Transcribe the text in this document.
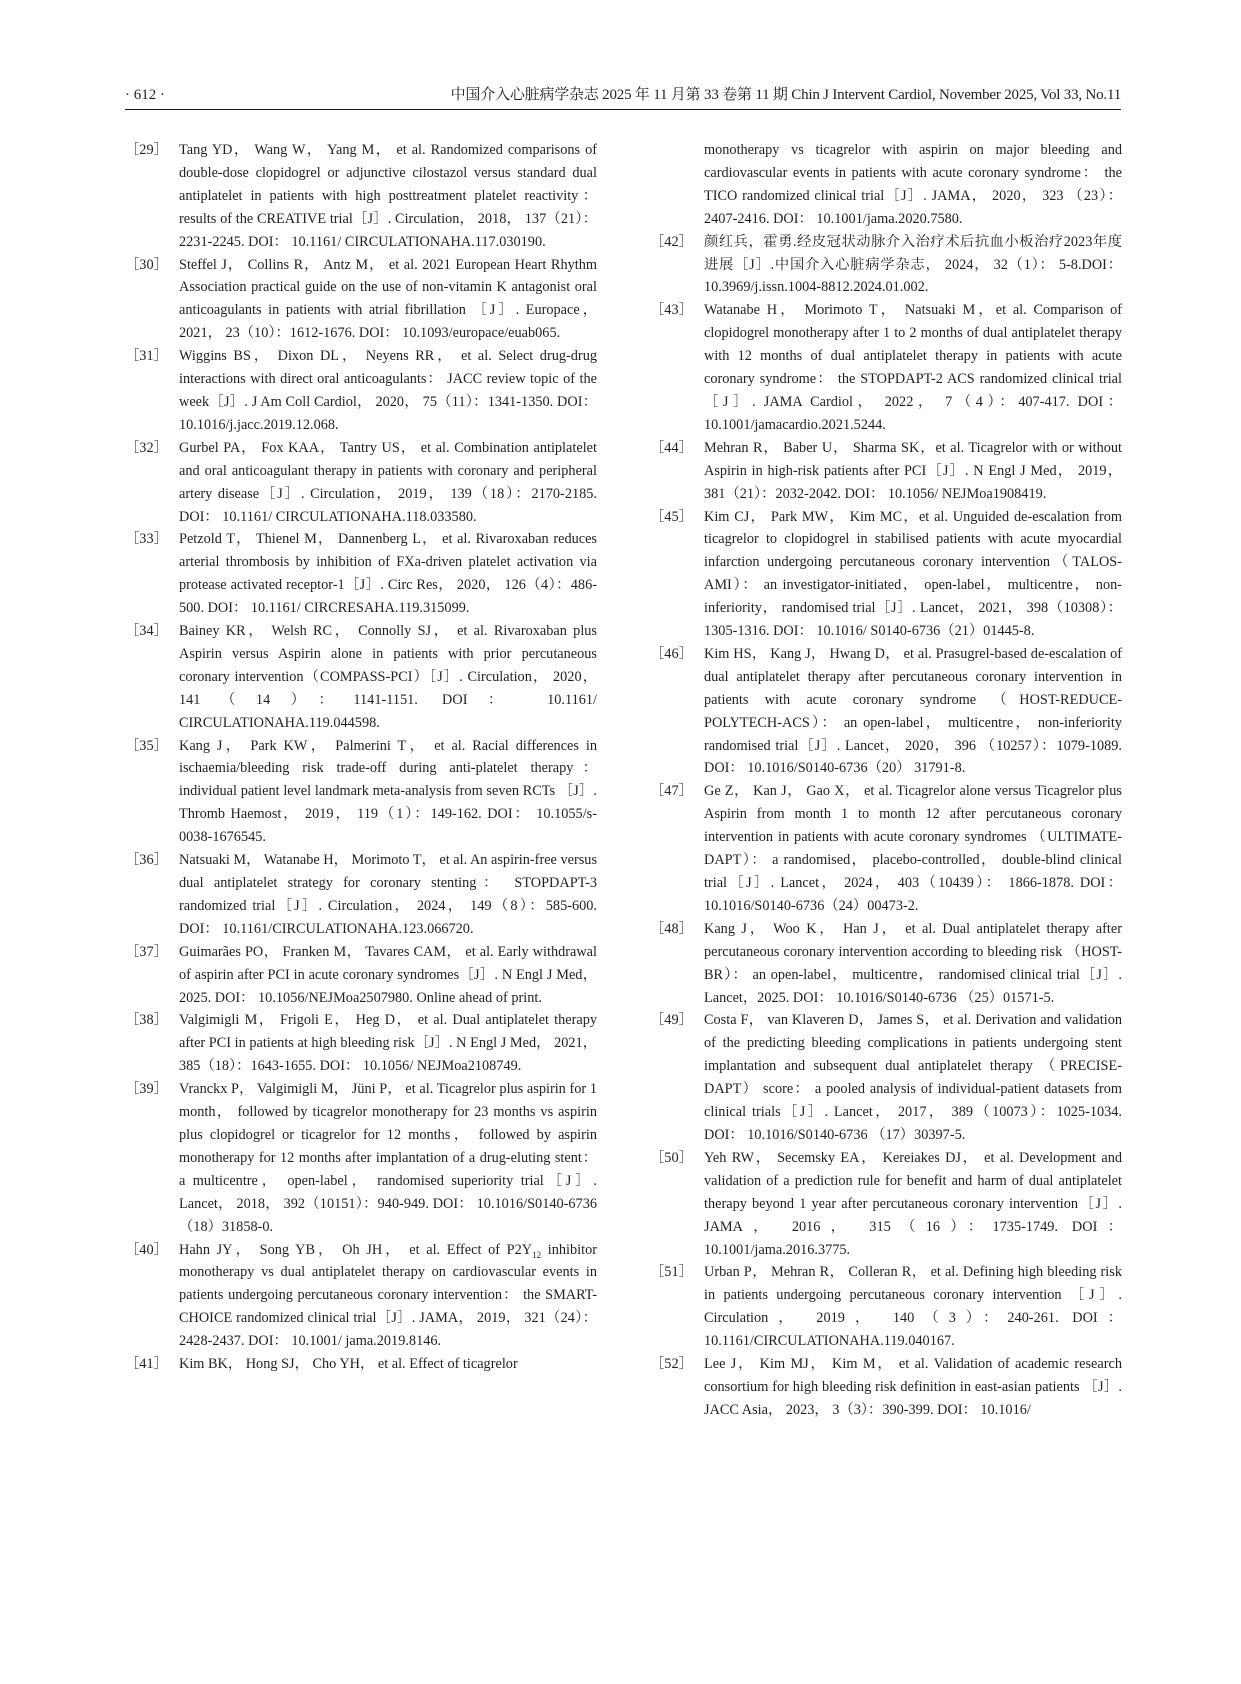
· 612 ·	中国介入心脏病学杂志 2025 年 11 月第 33 卷第 11 期 Chin J Intervent Cardiol, November 2025, Vol 33, No.11
［29］ Tang YD， Wang W， Yang M， et al. Randomized comparisons of double-dose clopidogrel or adjunctive cilostazol versus standard dual antiplatelet in patients with high posttreatment platelet reactivity： results of the CREATIVE trial［J］. Circulation， 2018， 137（21）：2231-2245. DOI： 10.1161/ CIRCULATIONAHA.117.030190.
［30］ Steffel J， Collins R， Antz M， et al. 2021 European Heart Rhythm Association practical guide on the use of non-vitamin K antagonist oral anticoagulants in patients with atrial fibrillation ［J］. Europace， 2021， 23（10）：1612-1676. DOI： 10.1093/europace/euab065.
［31］ Wiggins BS， Dixon DL， Neyens RR， et al. Select drug-drug interactions with direct oral anticoagulants： JACC review topic of the week［J］. J Am Coll Cardiol， 2020， 75（11）：1341-1350. DOI： 10.1016/j.jacc.2019.12.068.
［32］ Gurbel PA， Fox KAA， Tantry US， et al. Combination antiplatelet and oral anticoagulant therapy in patients with coronary and peripheral artery disease［J］. Circulation， 2019， 139（18）：2170-2185. DOI： 10.1161/ CIRCULATIONAHA.118.033580.
［33］ Petzold T， Thienel M， Dannenberg L， et al. Rivaroxaban reduces arterial thrombosis by inhibition of FXa-driven platelet activation via protease activated receptor-1［J］. Circ Res， 2020， 126（4）：486-500. DOI： 10.1161/ CIRCRESAHA.119.315099.
［34］ Bainey KR， Welsh RC， Connolly SJ， et al. Rivaroxaban plus Aspirin versus Aspirin alone in patients with prior percutaneous coronary intervention（COMPASS-PCI）［J］. Circulation， 2020， 141（14）：1141-1151. DOI： 10.1161/ CIRCULATIONAHA.119.044598.
［35］ Kang J， Park KW， Palmerini T， et al. Racial differences in ischaemia/bleeding risk trade-off during anti-platelet therapy： individual patient level landmark meta-analysis from seven RCTs ［J］. Thromb Haemost， 2019， 119（1）：149-162. DOI： 10.1055/s-0038-1676545.
［36］ Natsuaki M， Watanabe H， Morimoto T， et al. An aspirin-free versus dual antiplatelet strategy for coronary stenting： STOPDAPT-3 randomized trial［J］. Circulation， 2024， 149（8）：585-600. DOI： 10.1161/CIRCULATIONAHA.123.066720.
［37］ Guimarães PO， Franken M， Tavares CAM， et al. Early withdrawal of aspirin after PCI in acute coronary syndromes［J］. N Engl J Med， 2025. DOI： 10.1056/NEJMoa2507980. Online ahead of print.
［38］ Valgimigli M， Frigoli E， Heg D， et al. Dual antiplatelet therapy after PCI in patients at high bleeding risk［J］. N Engl J Med， 2021， 385（18）：1643-1655. DOI： 10.1056/ NEJMoa2108749.
［39］ Vranckx P， Valgimigli M， Jüni P， et al. Ticagrelor plus aspirin for 1 month， followed by ticagrelor monotherapy for 23 months vs aspirin plus clopidogrel or ticagrelor for 12 months， followed by aspirin monotherapy for 12 months after implantation of a drug-eluting stent： a multicentre， open-label， randomised superiority trial［J］. Lancet， 2018， 392（10151）：940-949. DOI： 10.1016/S0140-6736（18）31858-0.
［40］ Hahn JY， Song YB， Oh JH， et al. Effect of $P2Y_{12}$ inhibitor monotherapy vs dual antiplatelet therapy on cardiovascular events in patients undergoing percutaneous coronary intervention： the SMART-CHOICE randomized clinical trial［J］. JAMA， 2019， 321（24）：2428-2437. DOI： 10.1001/ jama.2019.8146.
［41］ Kim BK， Hong SJ， Cho YH， et al. Effect of ticagrelor
monotherapy vs ticagrelor with aspirin on major bleeding and cardiovascular events in patients with acute coronary syndrome： the TICO randomized clinical trial［J］. JAMA， 2020， 323 （23）：2407-2416. DOI： 10.1001/jama.2020.7580.
［42］ 颜红兵，霍勇.经皮冠状动脉介入治疗术后抗血小板治疗2023年度进展［J］.中国介入心脏病学杂志， 2024， 32（1）： 5-8.DOI：10.3969/j.issn.1004-8812.2024.01.002.
［43］ Watanabe H， Morimoto T， Natsuaki M，et al. Comparison of clopidogrel monotherapy after 1 to 2 months of dual antiplatelet therapy with 12 months of dual antiplatelet therapy in patients with acute coronary syndrome： the STOPDAPT-2 ACS randomized clinical trial［J］. JAMA Cardiol， 2022， 7（4）：407-417. DOI： 10.1001/jamacardio.2021.5244.
［44］ Mehran R， Baber U， Sharma SK，et al. Ticagrelor with or without Aspirin in high-risk patients after PCI［J］. N Engl J Med， 2019， 381（21）：2032-2042. DOI： 10.1056/ NEJMoa1908419.
［45］ Kim CJ， Park MW， Kim MC，et al. Unguided de-escalation from ticagrelor to clopidogrel in stabilised patients with acute myocardial infarction undergoing percutaneous coronary intervention（TALOS-AMI）： an investigator-initiated， open-label， multicentre， non-inferiority， randomised trial［J］. Lancet， 2021， 398（10308）：1305-1316. DOI： 10.1016/ S0140-6736（21）01445-8.
［46］ Kim HS， Kang J， Hwang D， et al. Prasugrel-based de-escalation of dual antiplatelet therapy after percutaneous coronary intervention in patients with acute coronary syndrome （HOST-REDUCE-POLYTECH-ACS）： an open-label， multicentre， non-inferiority randomised trial［J］. Lancet， 2020， 396 （10257）：1079-1089. DOI： 10.1016/S0140-6736（20） 31791-8.
［47］ Ge Z， Kan J， Gao X， et al. Ticagrelor alone versus Ticagrelor plus Aspirin from month 1 to month 12 after percutaneous coronary intervention in patients with acute coronary syndromes （ULTIMATE-DAPT）： a randomised， placebo-controlled， double-blind clinical trial［J］. Lancet， 2024， 403（10439）： 1866-1878. DOI： 10.1016/S0140-6736（24）00473-2.
［48］ Kang J， Woo K， Han J， et al. Dual antiplatelet therapy after percutaneous coronary intervention according to bleeding risk （HOST-BR）： an open-label， multicentre， randomised clinical trial［J］. Lancet，2025. DOI： 10.1016/S0140-6736 （25）01571-5.
［49］ Costa F， van Klaveren D， James S， et al. Derivation and validation of the predicting bleeding complications in patients undergoing stent implantation and subsequent dual antiplatelet therapy （PRECISE-DAPT） score： a pooled analysis of individual-patient datasets from clinical trials［J］. Lancet， 2017， 389（10073）：1025-1034. DOI： 10.1016/S0140-6736 （17）30397-5.
［50］ Yeh RW， Secemsky EA， Kereiakes DJ， et al. Development and validation of a prediction rule for benefit and harm of dual antiplatelet therapy beyond 1 year after percutaneous coronary intervention［J］. JAMA， 2016， 315（16）：1735-1749. DOI： 10.1001/jama.2016.3775.
［51］ Urban P， Mehran R， Colleran R， et al. Defining high bleeding risk in patients undergoing percutaneous coronary intervention ［J］. Circulation， 2019， 140（3）：240-261. DOI： 10.1161/CIRCULATIONAHA.119.040167.
［52］ Lee J， Kim MJ， Kim M， et al. Validation of academic research consortium for high bleeding risk definition in east-asian patients ［J］. JACC Asia， 2023， 3（3）：390-399. DOI： 10.1016/
